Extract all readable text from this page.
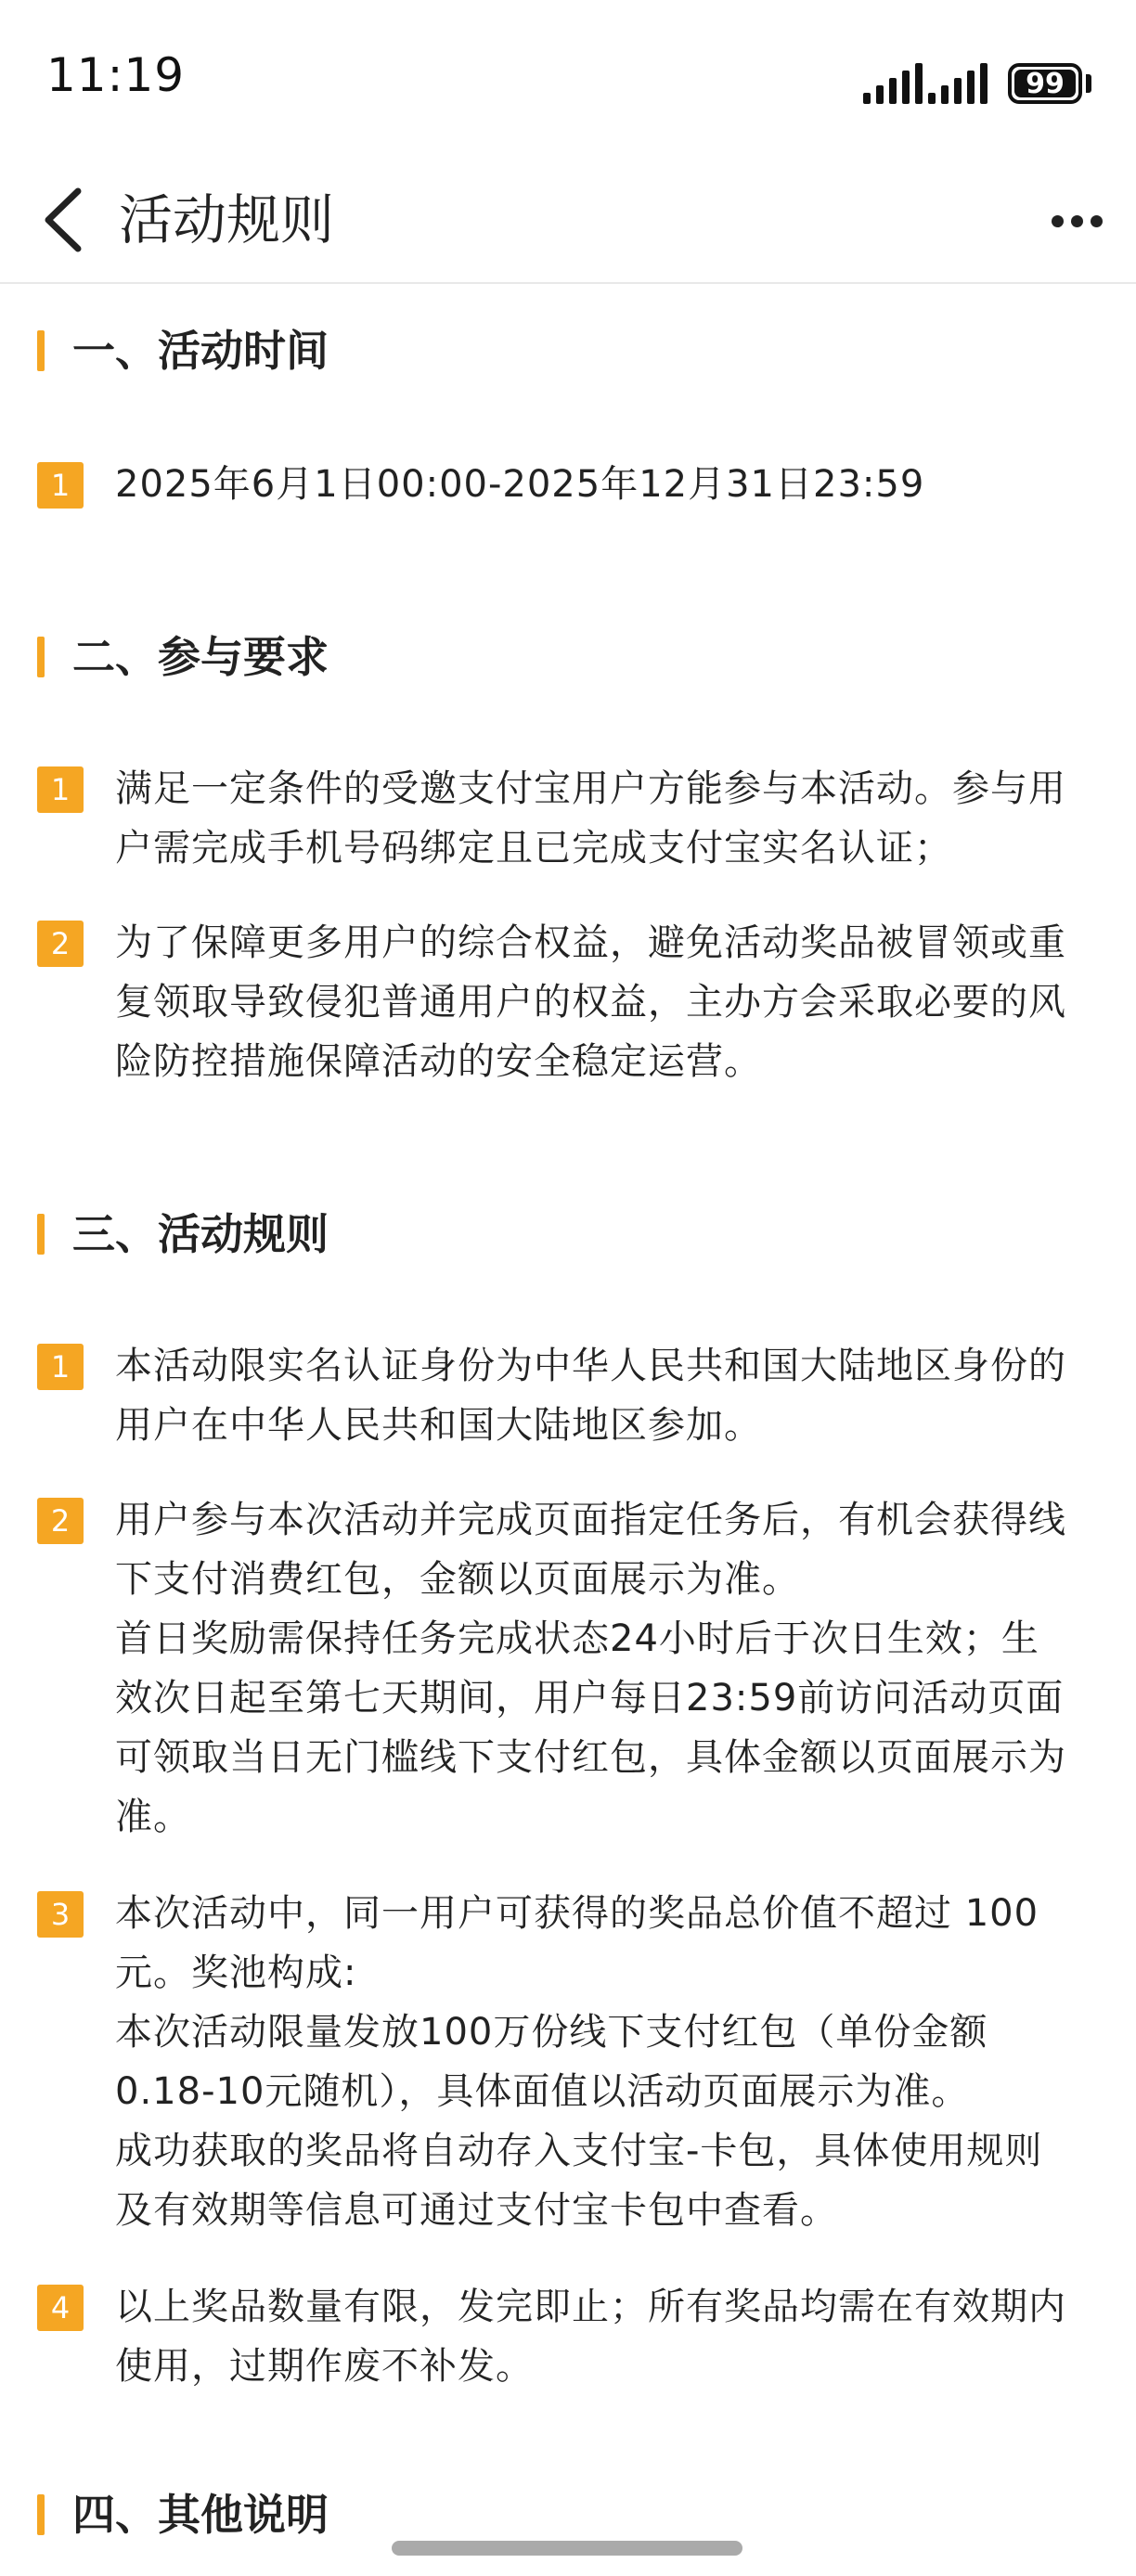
11:19	99
活动规则
一、活动时间
1	2025年6月1日00:00-2025年12月31日23:59
二、参与要求
1	满足一定条件的受邀支付宝用户方能参与本活动。参与用
户需完成手机号码绑定且已完成支付宝实名认证；
2	为了保障更多用户的综合权益，避免活动奖品被冒领或重
复领取导致侵犯普通用户的权益，主办方会采取必要的风
险防控措施保障活动的安全稳定运营。
三、活动规则
1	本活动限实名认证身份为中华人民共和国大陆地区身份的
用户在中华人民共和国大陆地区参加。
2	用户参与本次活动并完成页面指定任务后，有机会获得线
下支付消费红包，金额以页面展示为准。
首日奖励需保持任务完成状态24小时后于次日生效；生
效次日起至第七天期间，用户每日23:59前访问活动页面
可领取当日无门槛线下支付红包，具体金额以页面展示为
准。
3	本次活动中，同一用户可获得的奖品总价值不超过 100
元。奖池构成:
本次活动限量发放100万份线下支付红包（单份金额
0.18-10元随机），具体面值以活动页面展示为准。
成功获取的奖品将自动存入支付宝-卡包，具体使用规则
及有效期等信息可通过支付宝卡包中查看。
4	以上奖品数量有限，发完即止；所有奖品均需在有效期内
使用，过期作废不补发。
四、其他说明
